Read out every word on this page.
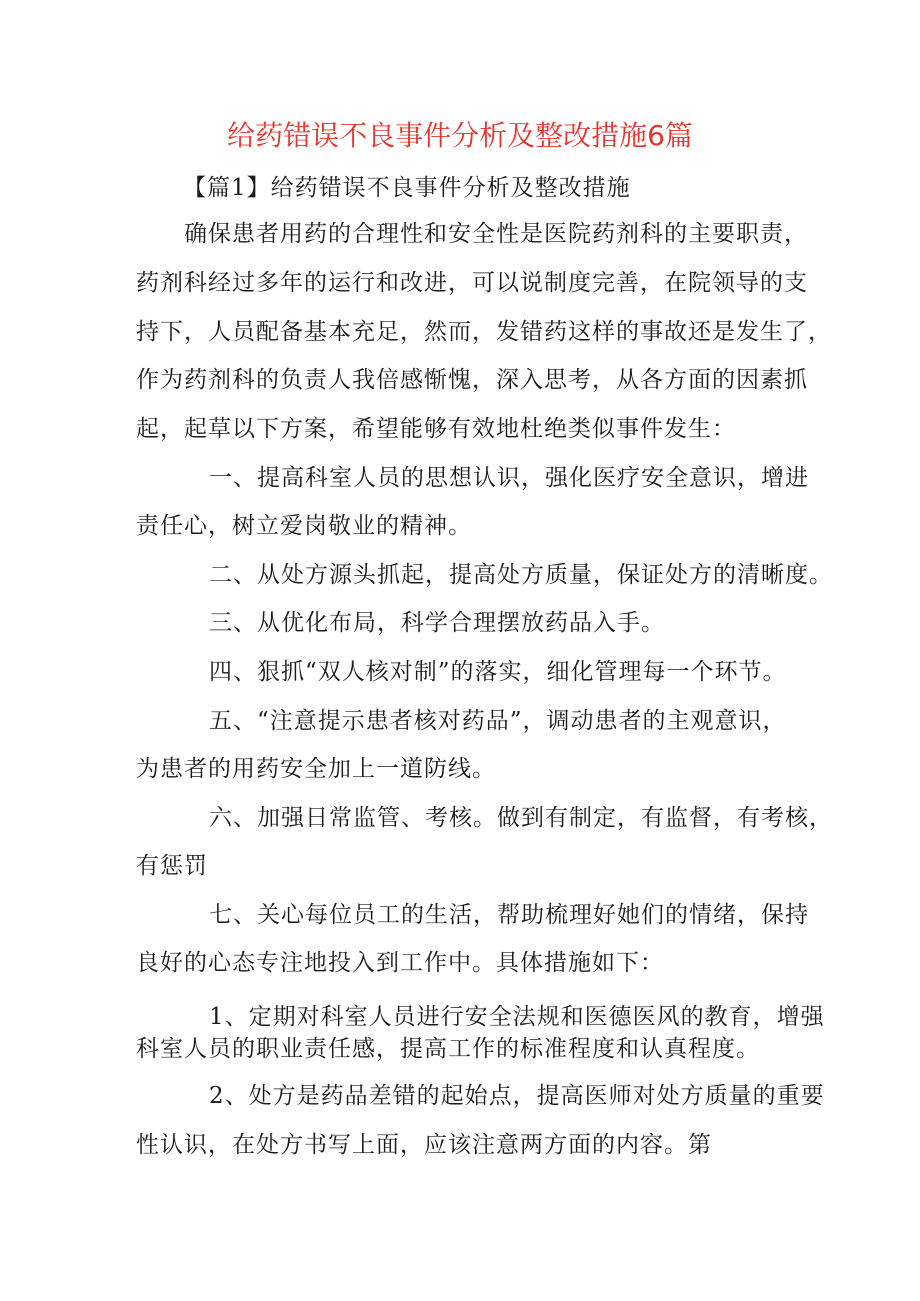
给药错误不良事件分析及整改措施6篇
【篇1】给药错误不良事件分析及整改措施
确保患者用药的合理性和安全性是医院药剂科的主要职责，
药剂科经过多年的运行和改进，可以说制度完善，在院领导的支
持下，人员配备基本充足，然而，发错药这样的事故还是发生了，
作为药剂科的负责人我倍感惭愧，深入思考，从各方面的因素抓
起，起草以下方案，希望能够有效地杜绝类似事件发生：
一、提高科室人员的思想认识，强化医疗安全意识，增进
责任心，树立爱岗敬业的精神。
二、从处方源头抓起，提高处方质量，保证处方的清晰度。
三、从优化布局，科学合理摆放药品入手。
四、狠抓“双人核对制”的落实，细化管理每一个环节。
五、“注意提示患者核对药品”，调动患者的主观意识，
为患者的用药安全加上一道防线。
六、加强日常监管、考核。做到有制定，有监督，有考核，
有惩罚
七、关心每位员工的生活，帮助梳理好她们的情绪，保持
良好的心态专注地投入到工作中。具体措施如下：
1、定期对科室人员进行安全法规和医德医风的教育，增强
科室人员的职业责任感，提高工作的标准程度和认真程度。
2、处方是药品差错的起始点，提高医师对处方质量的重要
性认识，在处方书写上面，应该注意两方面的内容。第
